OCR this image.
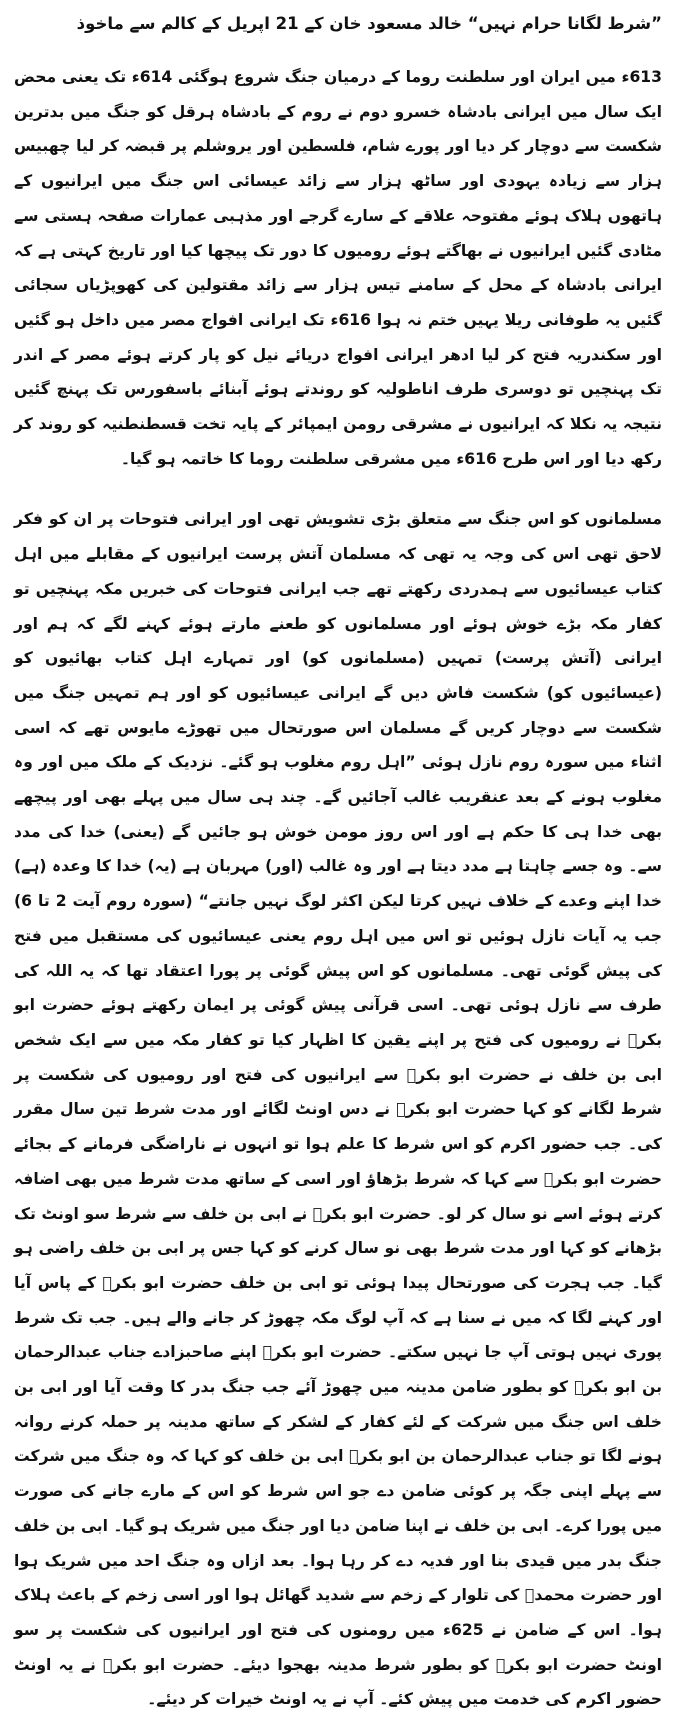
”شرط لگانا حرام نہیں“ خالد مسعود خان کے 21 اپریل کے کالم سے ماخوذ

613ء میں ایران اور سلطنت روما کے درمیان جنگ شروع ہوگئی 614ء تک یعنی محض ایک سال میں ایرانی بادشاہ خسرو دوم نے روم کے بادشاہ ہرقل کو جنگ میں بدترین شکست سے دوچار کر دیا اور پورے شام، فلسطین اور یروشلم پر قبضہ کر لیا چھبیس ہزار سے زیادہ یہودی اور ساٹھ ہزار سے زائد عیسائی اس جنگ میں ایرانیوں کے ہاتھوں ہلاک ہوئے مفتوحہ علاقے کے سارے گرجے اور مذہبی عمارات صفحہ ہستی سے مٹادی گئیں ایرانیوں نے بھاگتے ہوئے رومیوں کا دور تک پیچھا کیا اور تاریخ کہتی ہے کہ ایرانی بادشاہ کے محل کے سامنے تیس ہزار سے زائد مقتولین کی کھوپڑیاں سجائی گئیں یہ طوفانی ریلا یہیں ختم نہ ہوا 616ء تک ایرانی افواج مصر میں داخل ہو گئیں اور سکندریہ فتح کر لیا ادھر ایرانی افواج دریائے نیل کو پار کرتے ہوئے مصر کے اندر تک پہنچیں تو دوسری طرف اناطولیہ کو روندتے ہوئے آبنائے باسفورس تک پہنچ گئیں نتیجہ یہ نکلا کہ ایرانیوں نے مشرقی رومن ایمپائر کے پایہ تخت قسطنطنیہ کو روند کر رکھ دیا اور اس طرح 616ء میں مشرقی سلطنت روما کا خاتمہ ہو گیا۔

مسلمانوں کو اس جنگ سے متعلق بڑی تشویش تھی اور ایرانی فتوحات پر ان کو فکر لاحق تھی اس کی وجہ یہ تھی کہ مسلمان آتش پرست ایرانیوں کے مقابلے میں اہل کتاب عیسائیوں سے ہمدردی رکھتے تھے جب ایرانی فتوحات کی خبریں مکہ پہنچیں تو کفار مکہ بڑے خوش ہوئے اور مسلمانوں کو طعنے مارتے ہوئے کہنے لگے کہ ہم اور ایرانی (آتش پرست) تمہیں (مسلمانوں کو) اور تمہارے اہل کتاب بھائیوں کو (عیسائیوں کو) شکست فاش دیں گے ایرانی عیسائیوں کو اور ہم تمہیں جنگ میں شکست سے دوچار کریں گے مسلمان اس صورتحال میں تھوڑے مایوس تھے کہ اسی اثناء میں سورہ روم نازل ہوئی ”اہل روم مغلوب ہو گئے۔ نزدیک کے ملک میں اور وہ مغلوب ہونے کے بعد عنقریب غالب آجائیں گے۔ چند ہی سال میں پہلے بھی اور پیچھے بھی خدا ہی کا حکم ہے اور اس روز مومن خوش ہو جائیں گے (یعنی) خدا کی مدد سے۔ وہ جسے چاہتا ہے مدد دیتا ہے اور وہ غالب (اور) مہربان ہے (یہ) خدا کا وعدہ (ہے) خدا اپنے وعدے کے خلاف نہیں کرتا لیکن اکثر لوگ نہیں جانتے“ (سورہ روم آیت 2 تا 6) جب یہ آیات نازل ہوئیں تو اس میں اہل روم یعنی عیسائیوں کی مستقبل میں فتح کی پیش گوئی تھی۔ مسلمانوں کو اس پیش گوئی پر پورا اعتقاد تھا کہ یہ اللہ کی طرف سے نازل ہوئی تھی۔ اسی قرآنی پیش گوئی پر ایمان رکھتے ہوئے حضرت ابو بکرؓ نے رومیوں کی فتح پر اپنے یقین کا اظہار کیا تو کفار مکہ میں سے ایک شخص ابی بن خلف نے حضرت ابو بکرؓ سے ایرانیوں کی فتح اور رومیوں کی شکست پر شرط لگانے کو کہا حضرت ابو بکرؓ نے دس اونٹ لگائے اور مدت شرط تین سال مقرر کی۔ جب حضور اکرم کو اس شرط کا علم ہوا تو انہوں نے ناراضگی فرمانے کے بجائے حضرت ابو بکرؓ سے کہا کہ شرط بڑھاؤ اور اسی کے ساتھ مدت شرط میں بھی اضافہ کرتے ہوئے اسے نو سال کر لو۔ حضرت ابو بکرؓ نے ابی بن خلف سے شرط سو اونٹ تک بڑھانے کو کہا اور مدت شرط بھی نو سال کرنے کو کہا جس پر ابی بن خلف راضی ہو گیا۔ جب ہجرت کی صورتحال پیدا ہوئی تو ابی بن خلف حضرت ابو بکرؓ کے پاس آیا اور کہنے لگا کہ میں نے سنا ہے کہ آپ لوگ مکہ چھوڑ کر جانے والے ہیں۔ جب تک شرط پوری نہیں ہوتی آپ جا نہیں سکتے۔ حضرت ابو بکرؓ اپنے صاحبزادے جناب عبدالرحمان بن ابو بکرؓ کو بطور ضامن مدینہ میں چھوڑ آئے جب جنگ بدر کا وقت آیا اور ابی بن خلف اس جنگ میں شرکت کے لئے کفار کے لشکر کے ساتھ مدینہ پر حملہ کرنے روانہ ہونے لگا تو جناب عبدالرحمان بن ابو بکرؓ ابی بن خلف کو کہا کہ وہ جنگ میں شرکت سے پہلے اپنی جگہ پر کوئی ضامن دے جو اس شرط کو اس کے مارے جانے کی صورت میں پورا کرے۔ ابی بن خلف نے اپنا ضامن دیا اور جنگ میں شریک ہو گیا۔ ابی بن خلف جنگ بدر میں قیدی بنا اور فدیہ دے کر رہا ہوا۔ بعد ازاں وہ جنگ احد میں شریک ہوا اور حضرت محمدؐ کی تلوار کے زخم سے شدید گھائل ہوا اور اسی زخم کے باعث ہلاک ہوا۔ اس کے ضامن نے 625ء میں رومنوں کی فتح اور ایرانیوں کی شکست پر سو اونٹ حضرت ابو بکرؓ کو بطور شرط مدینہ بھجوا دیئے۔ حضرت ابو بکرؓ نے یہ اونٹ حضور اکرم کی خدمت میں پیش کئے۔ آپ نے یہ اونٹ خیرات کر دیئے۔
